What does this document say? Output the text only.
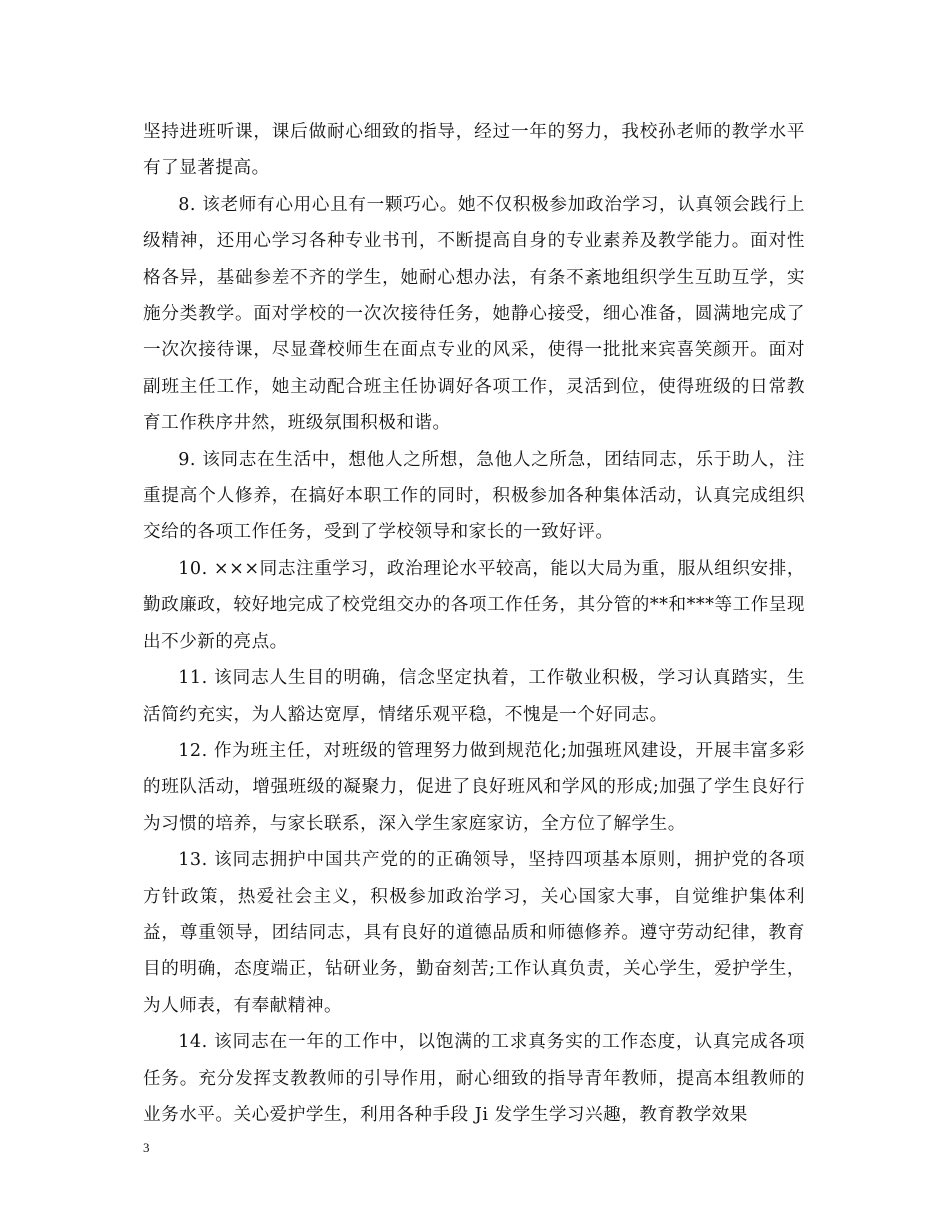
坚持进班听课，课后做耐心细致的指导，经过一年的努力，我校孙老师的教学水平有了显著提高。

8. 该老师有心用心且有一颗巧心。她不仅积极参加政治学习，认真领会践行上级精神，还用心学习各种专业书刊，不断提高自身的专业素养及教学能力。面对性格各异，基础参差不齐的学生，她耐心想办法，有条不紊地组织学生互助互学，实施分类教学。面对学校的一次次接待任务，她静心接受，细心准备，圆满地完成了一次次接待课，尽显聋校师生在面点专业的风采，使得一批批来宾喜笑颜开。面对副班主任工作，她主动配合班主任协调好各项工作，灵活到位，使得班级的日常教育工作秩序井然，班级氛围积极和谐。

9. 该同志在生活中，想他人之所想，急他人之所急，团结同志，乐于助人，注重提高个人修养，在搞好本职工作的同时，积极参加各种集体活动，认真完成组织交给的各项工作任务，受到了学校领导和家长的一致好评。

10. ×××同志注重学习，政治理论水平较高，能以大局为重，服从组织安排，勤政廉政，较好地完成了校党组交办的各项工作任务，其分管的**和***等工作呈现出不少新的亮点。

11. 该同志人生目的明确，信念坚定执着，工作敬业积极，学习认真踏实，生活简约充实，为人豁达宽厚，情绪乐观平稳，不愧是一个好同志。

12. 作为班主任，对班级的管理努力做到规范化;加强班风建设，开展丰富多彩的班队活动，增强班级的凝聚力，促进了良好班风和学风的形成;加强了学生良好行为习惯的培养，与家长联系，深入学生家庭家访，全方位了解学生。

13. 该同志拥护中国共产党的的正确领导，坚持四项基本原则，拥护党的各项方针政策，热爱社会主义，积极参加政治学习，关心国家大事，自觉维护集体利益，尊重领导，团结同志，具有良好的道德品质和师德修养。遵守劳动纪律，教育目的明确，态度端正，钻研业务，勤奋刻苦;工作认真负责，关心学生，爱护学生，为人师表，有奉献精神。

14. 该同志在一年的工作中，以饱满的工求真务实的工作态度，认真完成各项任务。充分发挥支教教师的引导作用，耐心细致的指导青年教师，提高本组教师的业务水平。关心爱护学生，利用各种手段 Ji 发学生学习兴趣，教育教学效果

3
